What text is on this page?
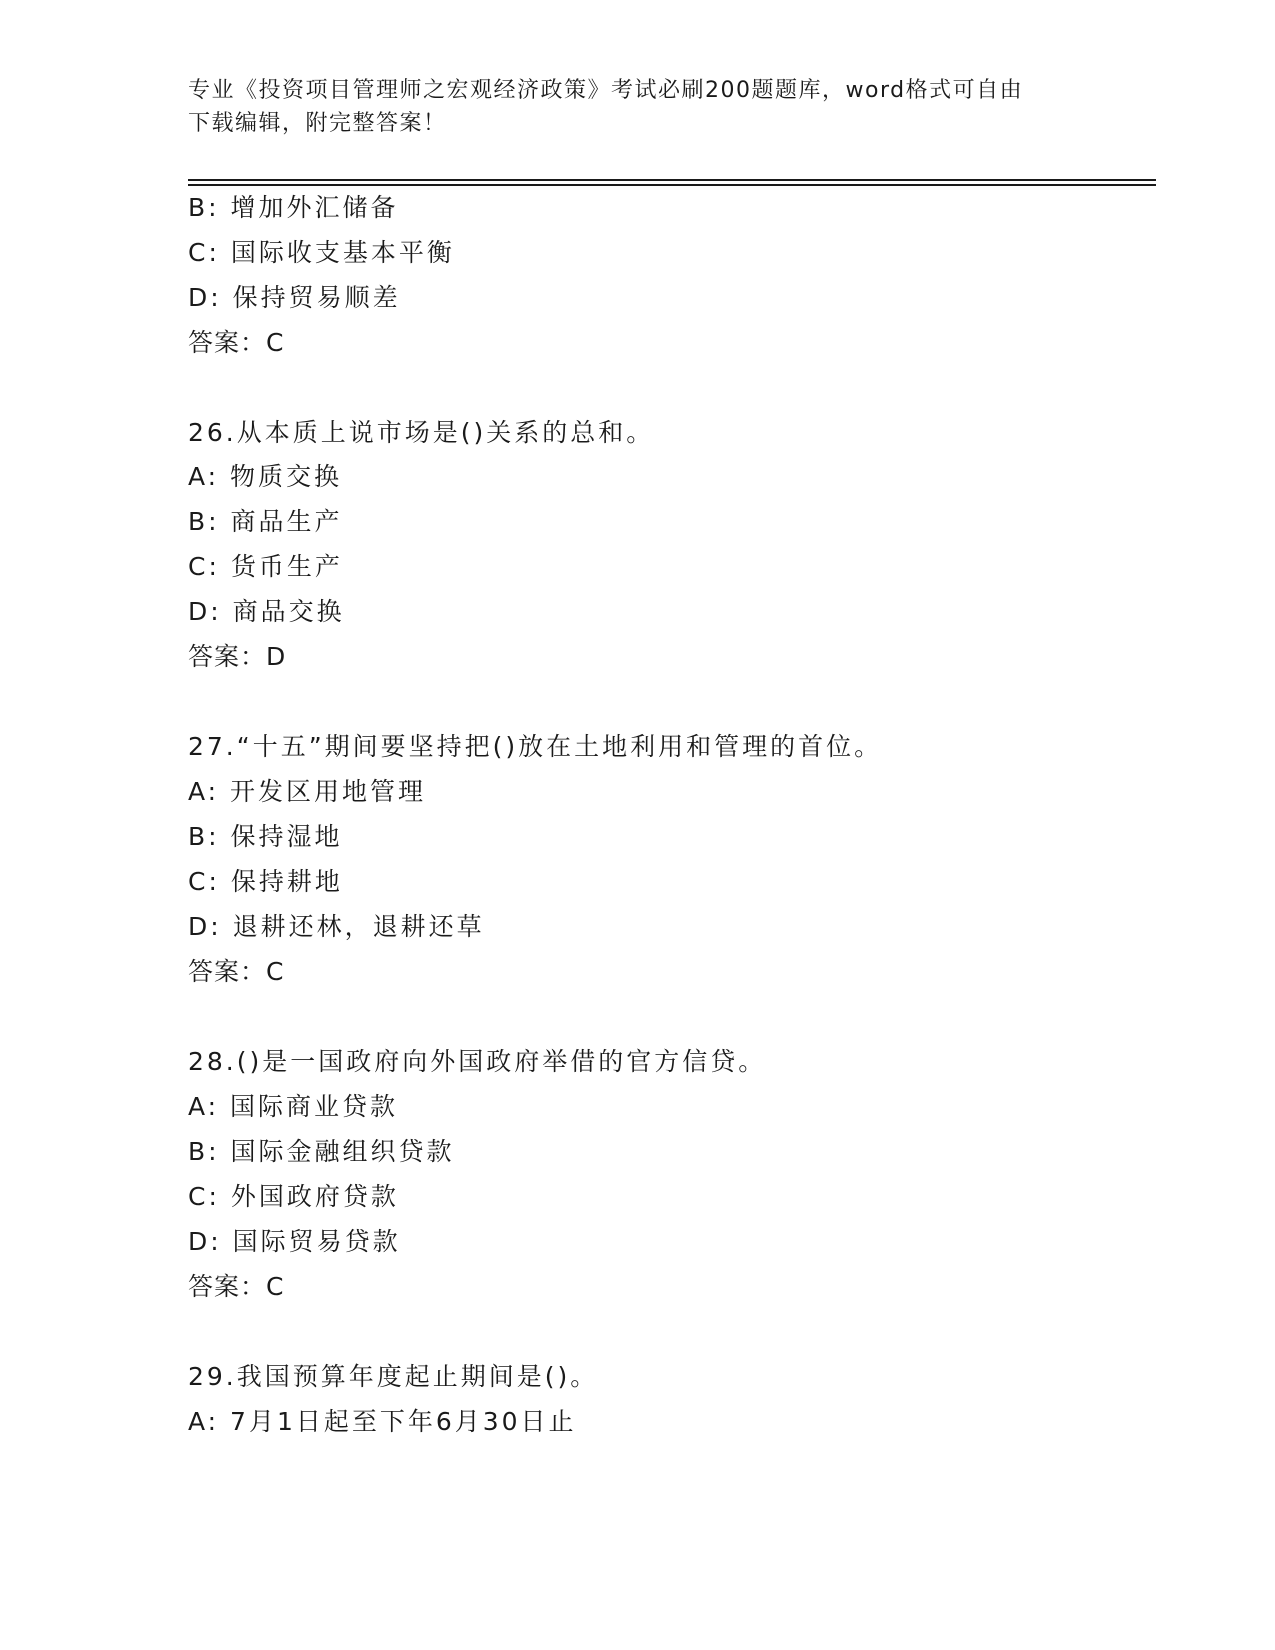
专业《投资项目管理师之宏观经济政策》考试必刷200题题库，word格式可自由
下载编辑，附完整答案！
B: 增加外汇储备
C: 国际收支基本平衡
D: 保持贸易顺差
答案：C
26.从本质上说市场是()关系的总和。
A: 物质交换
B: 商品生产
C: 货币生产
D: 商品交换
答案：D
27.“十五”期间要坚持把()放在土地利用和管理的首位。
A: 开发区用地管理
B: 保持湿地
C: 保持耕地
D: 退耕还林，退耕还草
答案：C
28.()是一国政府向外国政府举借的官方信贷。
A: 国际商业贷款
B: 国际金融组织贷款
C: 外国政府贷款
D: 国际贸易贷款
答案：C
29.我国预算年度起止期间是()。
A: 7月1日起至下年6月30日止
